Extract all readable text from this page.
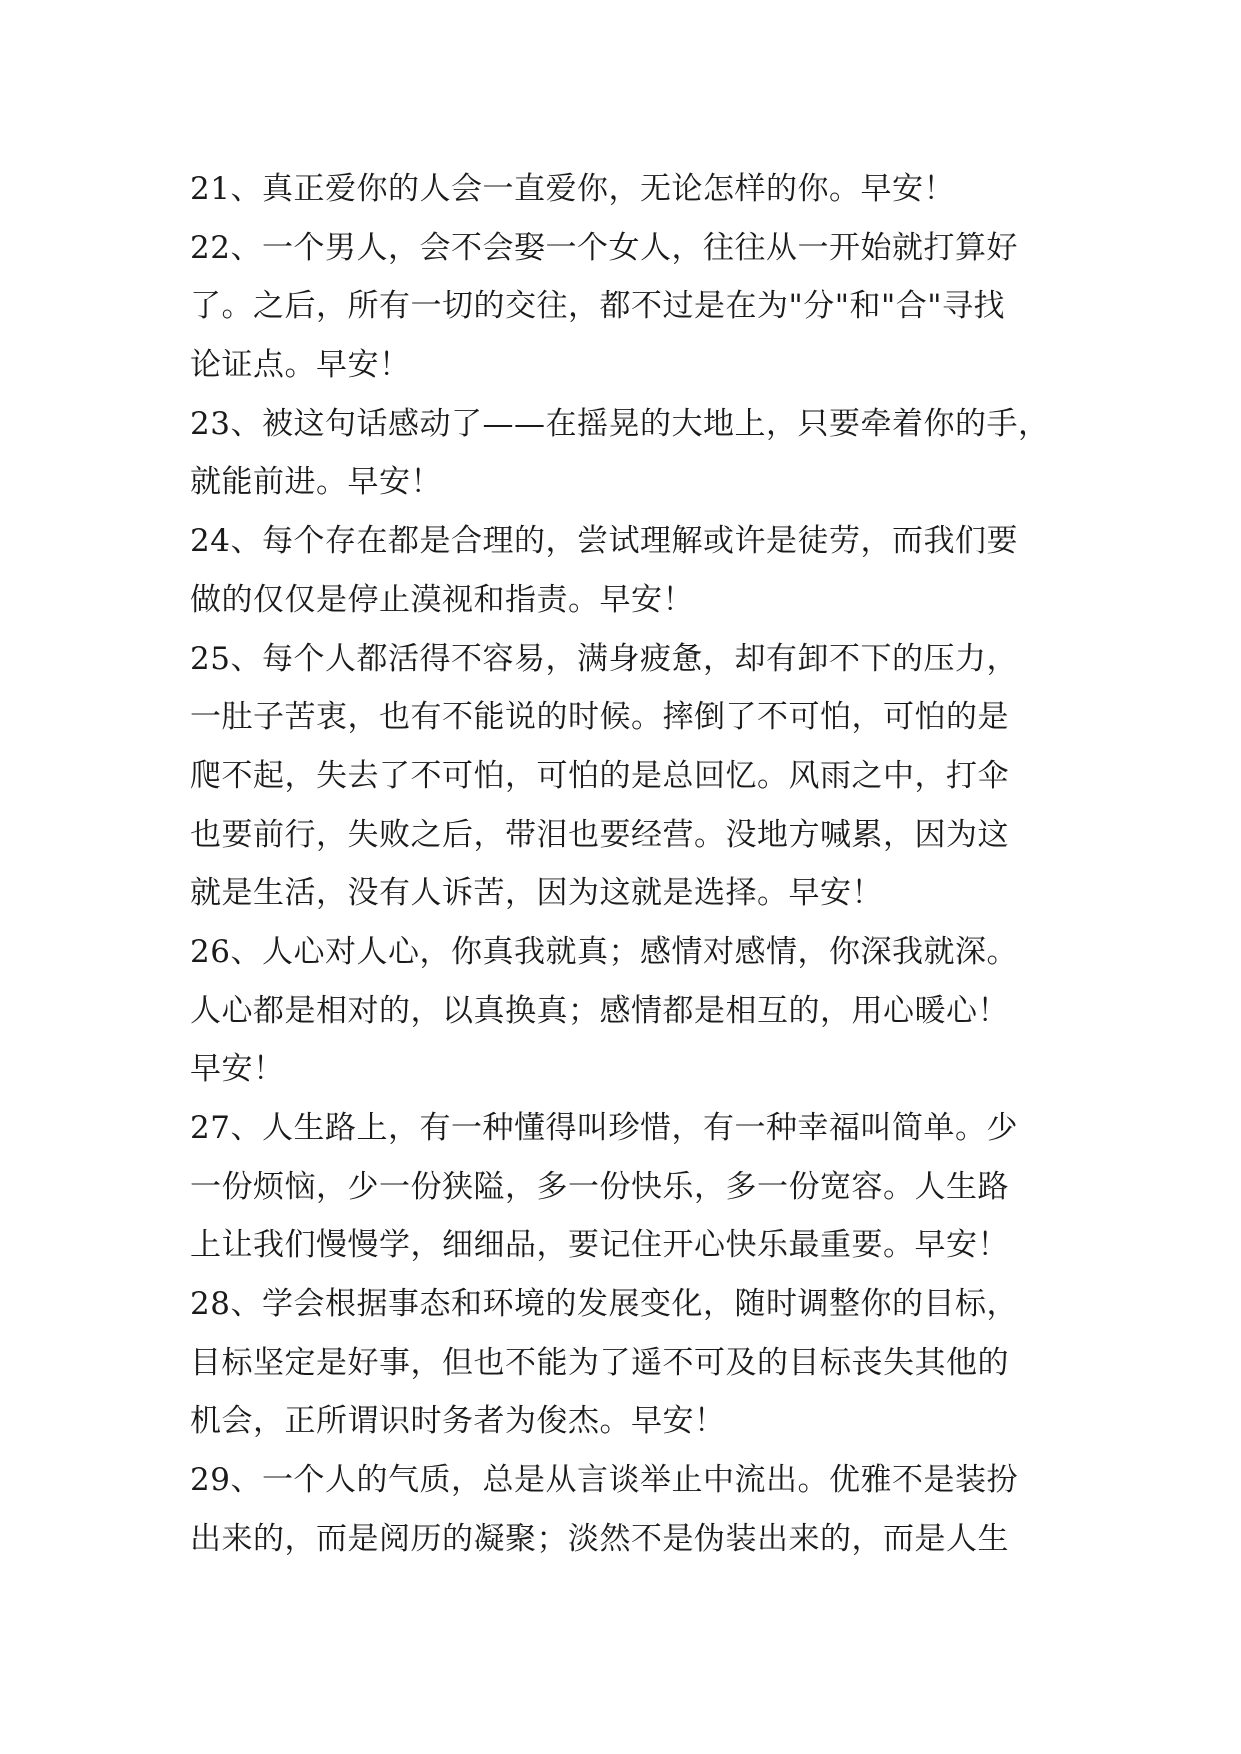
21、真正爱你的人会一直爱你，无论怎样的你。早安！
22、一个男人，会不会娶一个女人，往往从一开始就打算好
了。之后，所有一切的交往，都不过是在为"分"和"合"寻找
论证点。早安！
23、被这句话感动了——在摇晃的大地上，只要牵着你的手，
就能前进。早安！
24、每个存在都是合理的，尝试理解或许是徒劳，而我们要
做的仅仅是停止漠视和指责。早安！
25、每个人都活得不容易，满身疲惫，却有卸不下的压力，
一肚子苦衷，也有不能说的时候。摔倒了不可怕，可怕的是
爬不起，失去了不可怕，可怕的是总回忆。风雨之中，打伞
也要前行，失败之后，带泪也要经营。没地方喊累，因为这
就是生活，没有人诉苦，因为这就是选择。早安！
26、人心对人心，你真我就真；感情对感情，你深我就深。
人心都是相对的，以真换真；感情都是相互的，用心暖心！
早安！
27、人生路上，有一种懂得叫珍惜，有一种幸福叫简单。少
一份烦恼，少一份狭隘，多一份快乐，多一份宽容。人生路
上让我们慢慢学，细细品，要记住开心快乐最重要。早安！
28、学会根据事态和环境的发展变化，随时调整你的目标，
目标坚定是好事，但也不能为了遥不可及的目标丧失其他的
机会，正所谓识时务者为俊杰。早安！
29、一个人的气质，总是从言谈举止中流出。优雅不是装扮
出来的，而是阅历的凝聚；淡然不是伪装出来的，而是人生
